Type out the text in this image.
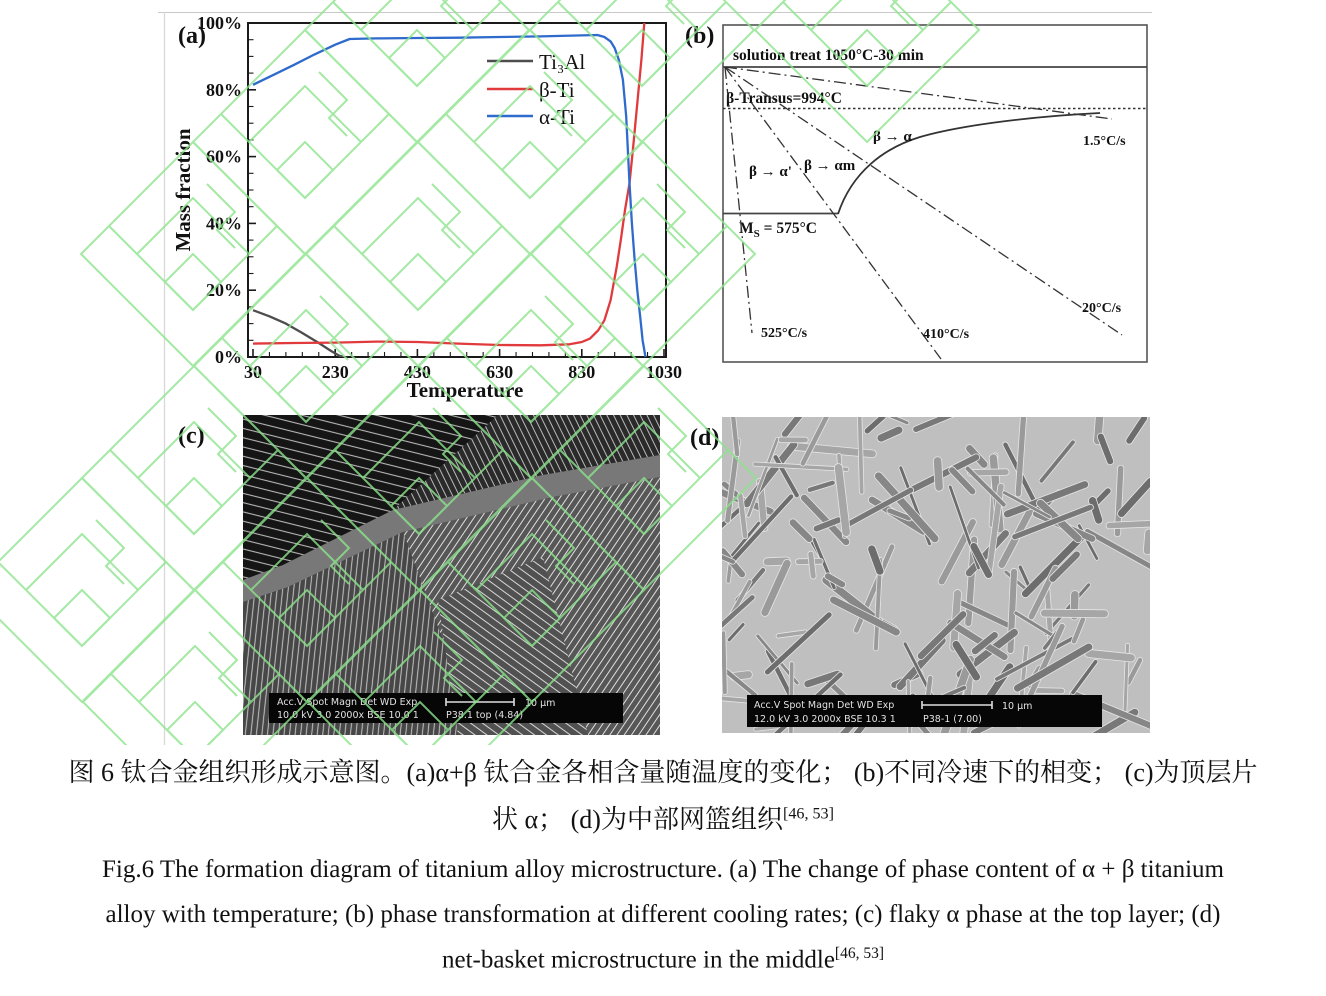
(a)
30	230	430	630	830	1030
0%
20%
40%
60%
80%
100%
Temperature
Mass fraction
Ti₃Al
β-Ti
α-Ti
(b)
solution treat 1050°C-30 min
β-Transus=994°C
$M_S = 575^\circ C$
β → α
β → α' β → αm
1.5°C/s
20°C/s
410°C/s
525°C/s
(c)
Acc.V Spot Magn Det WD Exp
10.0 kV 3.0 2000x BSE 10.0 1	P38.1 top (4.84)
10 μm
(d)
Acc.V Spot Magn Det WD Exp
12.0 kV 3.0 2000x BSE 10.3 1	P38-1 (7.00)
10 μm
图 6 钛合金组织形成示意图。(a)α+β 钛合金各相含量随温度的变化； (b)不同冷速下的相变； (c)为顶层片
状 α； (d)为中部网篮组织[46, 53]
Fig.6 The formation diagram of titanium alloy microstructure. (a) The change of phase content of α + β titanium
alloy with temperature; (b) phase transformation at different cooling rates; (c) flaky α phase at the top layer; (d)
net-basket microstructure in the middle[46, 53]
